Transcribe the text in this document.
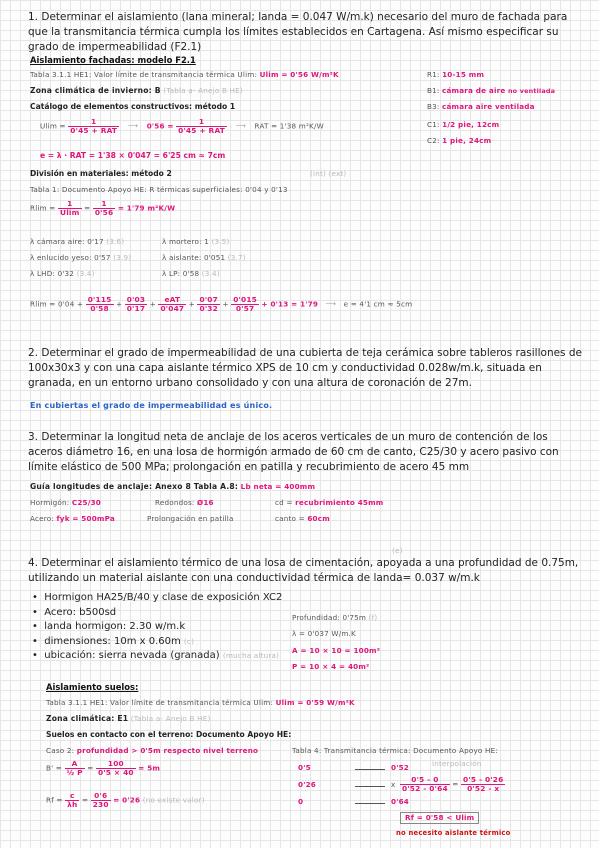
1. Determinar el aislamiento (lana mineral; landa = 0.047 W/m.k) necesario del muro de fachada para que la transmitancia térmica cumpla los límites establecidos en Cartagena. Así mismo especificar su grado de impermeabilidad (F2.1)
Aislamiento fachadas: modelo F2.1
Tabla 3.1.1 HE1: Valor límite de transmitancia térmica Ulim: Ulim = 0'56 W/m²K
Zona climática de invierno: B (Tabla a- Anejo B HE)
Catálogo de elementos constructivos: método 1
$Ulim = \frac{1}{\text{0'45 + RAT}}$ ⟶ $0'56 = \frac{1}{\text{0'45 + RAT}}$ ⟶ RAT = 1'38 m²K/W
e = λ · RAT = 1'38 × 0'047 = 6'25 cm ≈ 7cm
R1: 10-15 mm
B1: cámara de aire no ventilada
B3: cámara aire ventilada
C1: 1/2 pie, 12cm
C2: 1 pie, 24cm
División en materiales: método 2	(int) (ext)
Tabla 1: Documento Apoyo HE: R térmicas superficiales: 0'04 y 0'13
$Rlim = \frac{1}{Ulim} = \frac{1}{0'56} = 1'79$ m²K/W
λ cámara aire: 0'17 (3.6)	λ mortero: 1 (3.5)
λ enlucido yeso: 0'57 (3.9)	λ aislante: 0'051 (3.7)
λ LHD: 0'32 (3.4)	λ LP: 0'58 (3.4)
$Rlim = 0'04 + \frac{0'115}{0'58} + \frac{0'03}{0'17} + \frac{\text{eAT}}{0'047} + \frac{0'07}{0'32} + \frac{0'015}{0'57} + 0'13 = 1'79$ ⟶ e = 4'1 cm ≈ 5cm
2. Determinar el grado de impermeabilidad de una cubierta de teja cerámica sobre tableros rasillones de 100x30x3 y con una capa aislante térmico XPS de 10 cm y conductividad 0.028w/m.k, situada en granada, en un entorno urbano consolidado y con una altura de coronación de 27m.
En cubiertas el grado de impermeabilidad es único.
3. Determinar la longitud neta de anclaje de los aceros verticales de un muro de contención de los aceros diámetro 16, en una losa de hormigón armado de 60 cm de canto, C25/30 y acero pasivo con límite elástico de 500 MPa; prolongación en patilla y recubrimiento de acero 45 mm
Guía longitudes de anclaje: Anexo 8 Tabla A.8: Lb neta = 400mm
Hormigón: C25/30	Redondos: Ø16	cd = recubrimiento 45mm
Acero: fyk = 500mPa	Prolongación en patilla	canto = 60cm
(e)
4. Determinar el aislamiento térmico de una losa de cimentación, apoyada a una profundidad de 0.75m, utilizando un material aislante con una conductividad térmica de landa= 0.037 w/m.k
•  Hormigon HA25/B/40 y clase de exposición XC2
•  Acero: b500sd
•  landa hormigon: 2.30 w/m.k
•  dimensiones: 10m x 0.60m (c)
•  ubicación: sierra nevada (granada) (mucha altura)
Profundidad: 0'75m (f)
λ = 0'037 W/m.K
A = 10 × 10 = 100m²
P = 10 × 4 = 40m²
Aislamiento suelos:
Tabla 3.1.1 HE1: Valor límite de transmitancia térmica Ulim: Ulim = 0'59 W/m²K
Zona climática: E1 (Tabla a- Anejo B HE)
Suelos en contacto con el terreno: Documento Apoyo HE:
Caso 2: profundidad > 0'5m respecto nivel terreno
$B' = \frac{A}{\text{½ P}} = \frac{100}{0'5 \times 40} = 5m$
$Rf = \frac{c}{\lambda h} = \frac{0'6}{230} = 0'26$ (no existe valor)
Tabla 4: Transmitancia térmica: Documento Apoyo HE:
interpolación
0'5	0'52
0'26	x
0	0'64
$\frac{0'5 - 0}{0'52 - 0'64} = \frac{0'5 - 0'26}{0'52 - x}$
Rf = 0'58 < Ulim
no necesito aislante térmico
